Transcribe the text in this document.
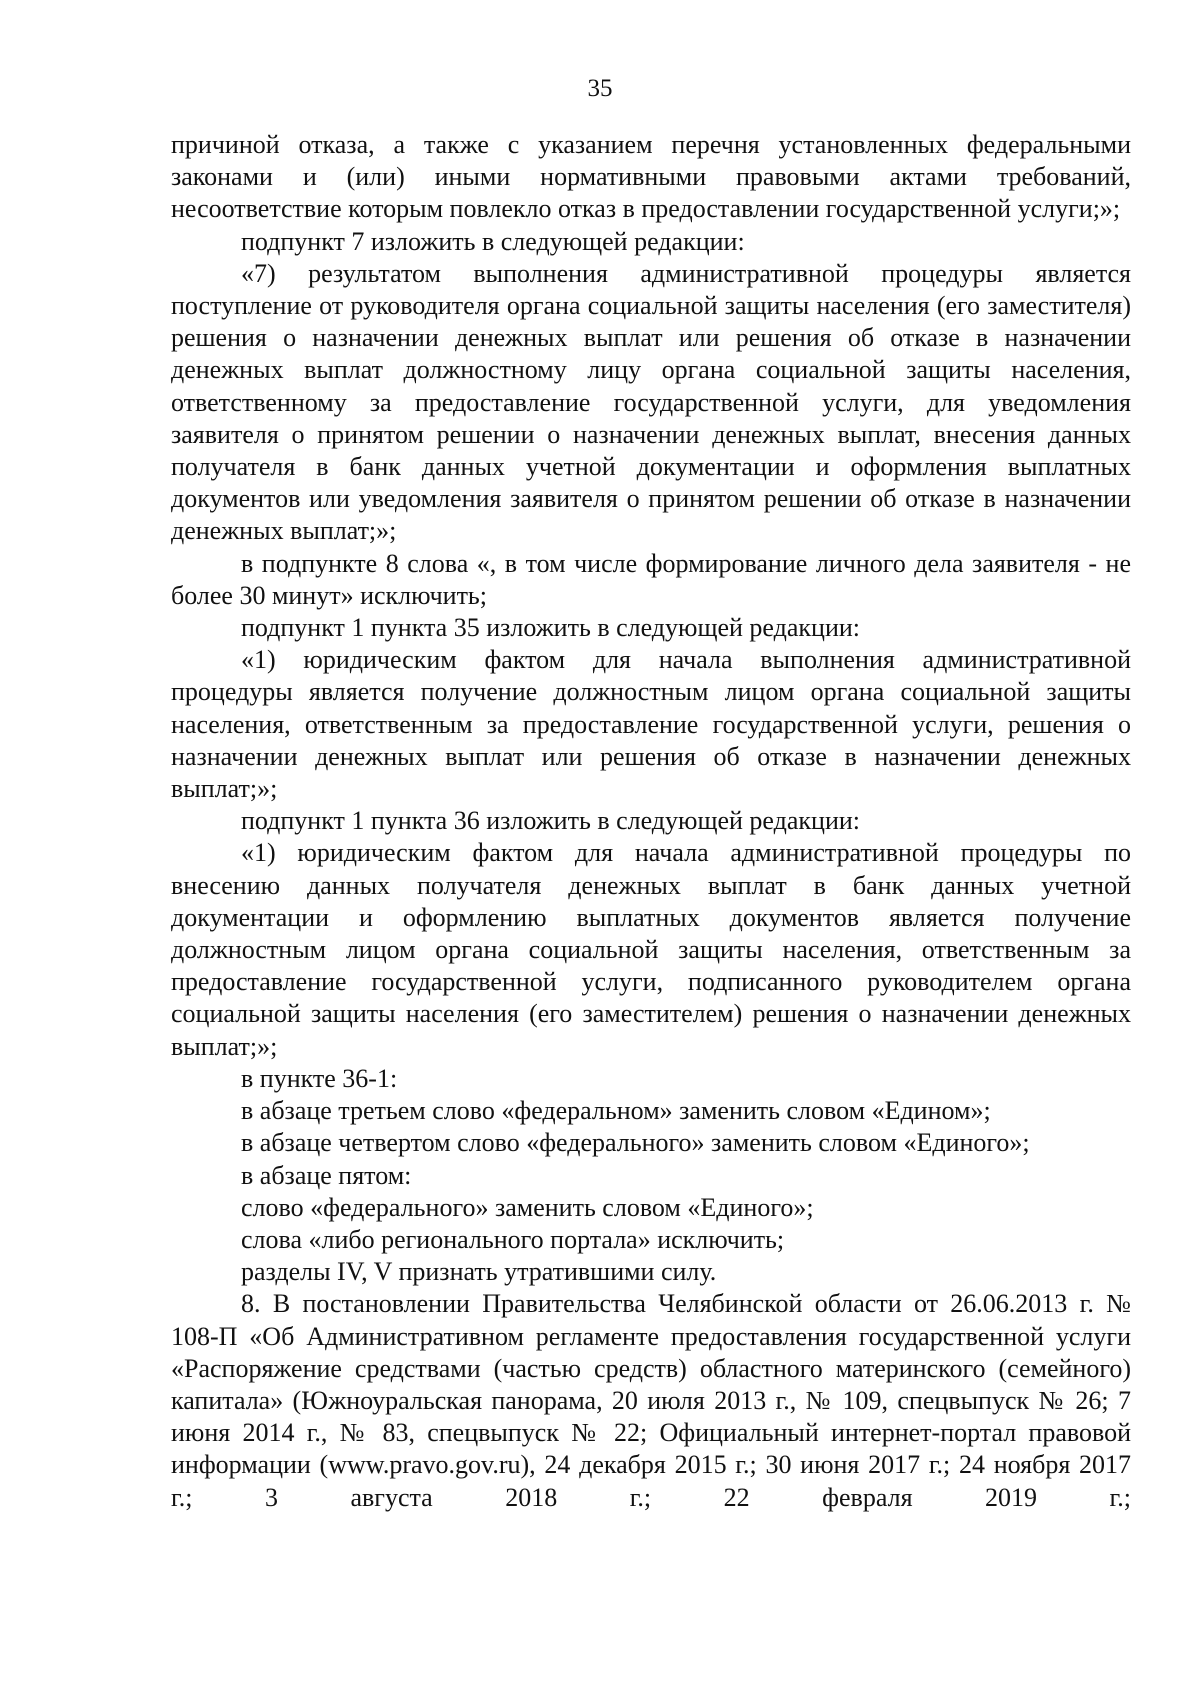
35

причиной отказа, а также с указанием перечня установленных федеральными законами и (или) иными нормативными правовыми актами требований, несоответствие которым повлекло отказ в предоставлении государственной услуги;»;

подпункт 7 изложить в следующей редакции:

«7) результатом выполнения административной процедуры является поступление от руководителя органа социальной защиты населения (его заместителя) решения о назначении денежных выплат или решения об отказе в назначении денежных выплат должностному лицу органа социальной защиты населения, ответственному за предоставление государственной услуги, для уведомления заявителя о принятом решении о назначении денежных выплат, внесения данных получателя в банк данных учетной документации и оформления выплатных документов или уведомления заявителя о принятом решении об отказе в назначении денежных выплат;»;

в подпункте 8 слова «, в том числе формирование личного дела заявителя - не более 30 минут» исключить;

подпункт 1 пункта 35 изложить в следующей редакции:

«1) юридическим фактом для начала выполнения административной процедуры является получение должностным лицом органа социальной защиты населения, ответственным за предоставление государственной услуги, решения о назначении денежных выплат или решения об отказе в назначении денежных выплат;»;

подпункт 1 пункта 36 изложить в следующей редакции:

«1) юридическим фактом для начала административной процедуры по внесению данных получателя денежных выплат в банк данных учетной документации и оформлению выплатных документов является получение должностным лицом органа социальной защиты населения, ответственным за предоставление государственной услуги, подписанного руководителем органа социальной защиты населения (его заместителем) решения о назначении денежных выплат;»;

в пункте 36-1:

в абзаце третьем слово «федеральном» заменить словом «Едином»;

в абзаце четвертом слово «федерального» заменить словом «Единого»;

в абзаце пятом:

слово «федерального» заменить словом «Единого»;

слова «либо регионального портала» исключить;

разделы IV, V признать утратившими силу.

8. В постановлении Правительства Челябинской области от 26.06.2013 г. № 108-П «Об Административном регламенте предоставления государственной услуги «Распоряжение средствами (частью средств) областного материнского (семейного) капитала» (Южноуральская панорама, 20 июля 2013 г., № 109, спецвыпуск № 26; 7 июня 2014 г., № 83, спецвыпуск № 22; Официальный интернет-портал правовой информации (www.pravo.gov.ru), 24 декабря 2015 г.; 30 июня 2017 г.; 24 ноября 2017 г.; 3 августа 2018 г.; 22 февраля 2019 г.;
